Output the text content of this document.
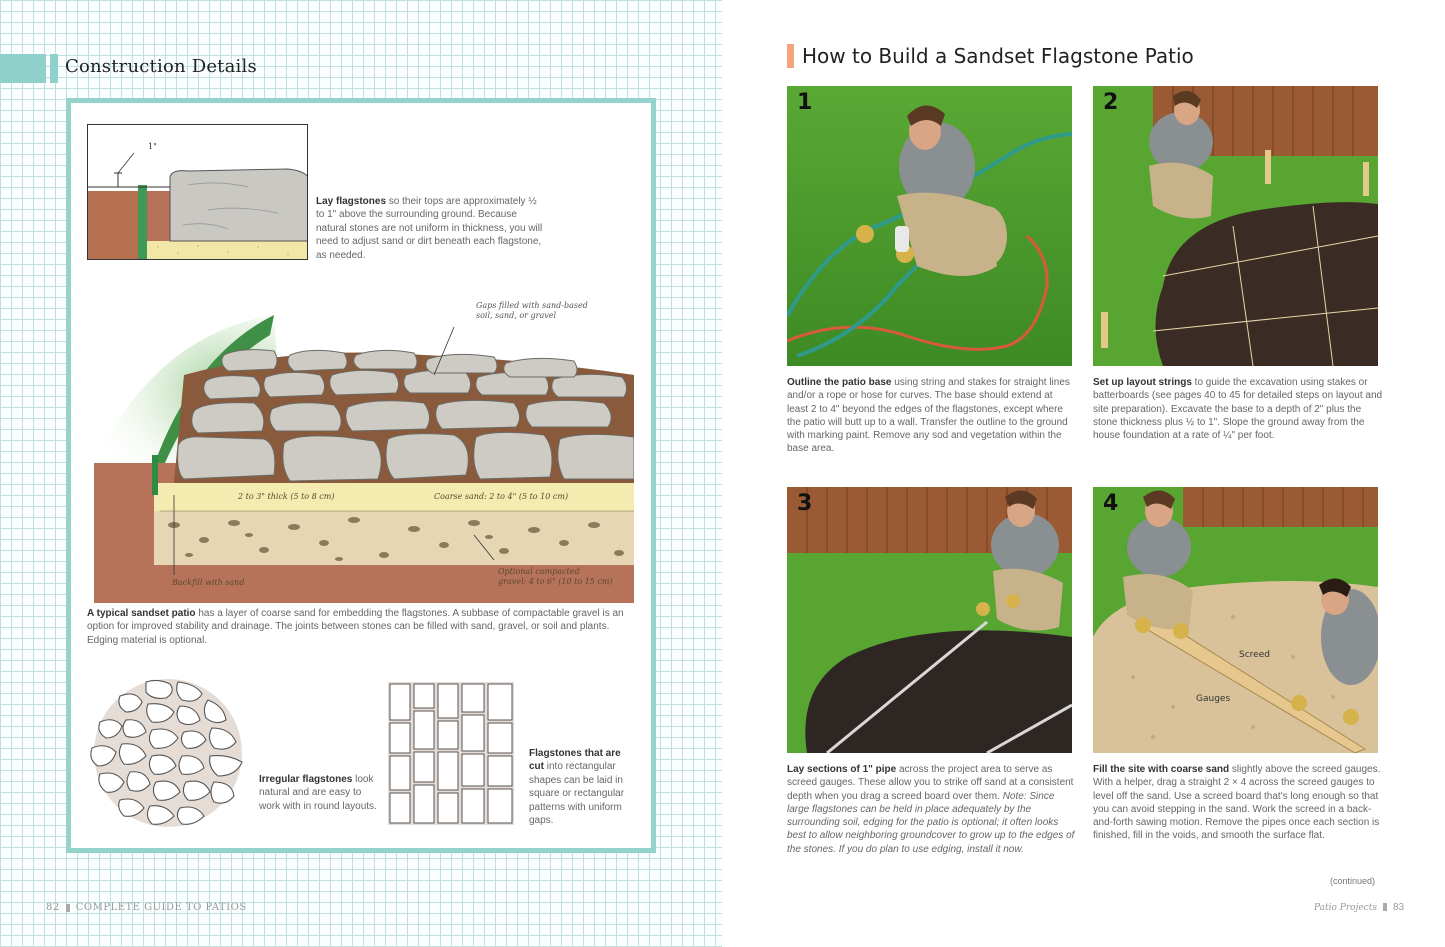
Construction Details
1"
Lay flagstones so their tops are approximately ½ to 1" above the surrounding ground. Because natural stones are not uniform in thickness, you will need to adjust sand or dirt beneath each flagstone, as needed.
Gaps filled with sand-based
soil, sand, or gravel
2 to 3" thick (5 to 8 cm)	Coarse sand: 2 to 4" (5 to 10 cm)
Backfill with sand
Optional compacted
gravel: 4 to 6" (10 to 15 cm)
A typical sandset patio has a layer of coarse sand for embedding the flagstones. A subbase of compactable gravel is an option for improved stability and drainage. The joints between stones can be filled with sand, gravel, or soil and plants. Edging material is optional.
Irregular flagstones look natural and are easy to work with in round layouts.
Flagstones that are cut into rectangular shapes can be laid in square or rectangular patterns with uniform gaps.
82 COMPLETE GUIDE TO PATIOS
How to Build a Sandset Flagstone Patio
1
Outline the patio base using string and stakes for straight lines and/or a rope or hose for curves. The base should extend at least 2 to 4" beyond the edges of the flagstones, except where the patio will butt up to a wall. Transfer the outline to the ground with marking paint. Remove any sod and vegetation within the base area.
2
Set up layout strings to guide the excavation using stakes or batterboards (see pages 40 to 45 for detailed steps on layout and site preparation). Excavate the base to a depth of 2" plus the stone thickness plus ½ to 1". Slope the ground away from the house foundation at a rate of ¼" per foot.
3
Lay sections of 1" pipe across the project area to serve as screed gauges. These allow you to strike off sand at a consistent depth when you drag a screed board over them. Note: Since large flagstones can be held in place adequately by the surrounding soil, edging for the patio is optional; it often looks best to allow neighboring groundcover to grow up to the edges of the stones. If you do plan to use edging, install it now.
4
Screed
Gauges
Fill the site with coarse sand slightly above the screed gauges. With a helper, drag a straight 2 × 4 across the screed gauges to level off the sand. Use a screed board that's long enough so that you can avoid stepping in the sand. Work the screed in a back-and-forth sawing motion. Remove the pipes once each section is finished, fill in the voids, and smooth the surface flat.
(continued)
Patio Projects 83
